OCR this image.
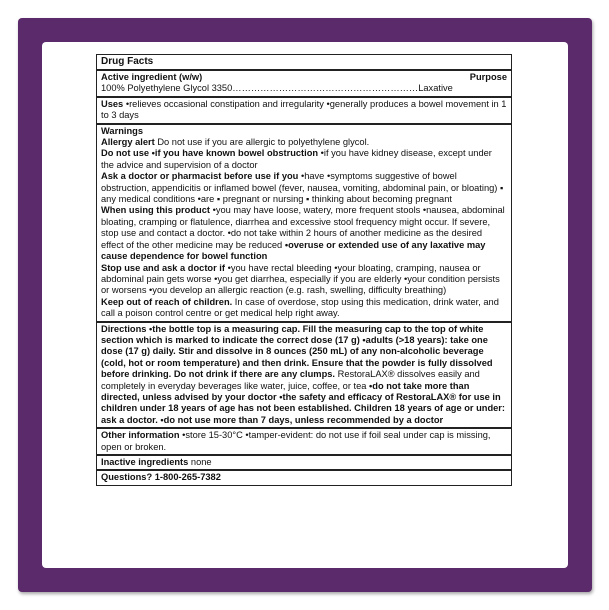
Drug Facts
Active ingredient (w/w)	Purpose
100% Polyethylene Glycol 3350……………………………………………………Laxative

Uses •relieves occasional constipation and irregularity •generally produces a bowel movement in 1 to 3 days

Warnings

Allergy alert Do not use if you are allergic to polyethylene glycol.

Do not use •if you have known bowel obstruction •if you have kidney disease, except under the advice and supervision of a doctor

Ask a doctor or pharmacist before use if you •have •symptoms suggestive of bowel obstruction, appendicitis or inflamed bowel (fever, nausea, vomiting, abdominal pain, or bloating) ▪ any medical conditions •are ▪ pregnant or nursing ▪ thinking about becoming pregnant

When using this product •you may have loose, watery, more frequent stools •nausea, abdominal bloating, cramping or flatulence, diarrhea and excessive stool frequency might occur. If severe, stop use and contact a doctor. •do not take within 2 hours of another medicine as the desired effect of the other medicine may be reduced •overuse or extended use of any laxative may cause dependence for bowel function

Stop use and ask a doctor if •you have rectal bleeding •your bloating, cramping, nausea or abdominal pain gets worse •you get diarrhea, especially if you are elderly •your condition persists or worsens •you develop an allergic reaction (e.g. rash, swelling, difficulty breathing)

Keep out of reach of children. In case of overdose, stop using this medication, drink water, and call a poison control centre or get medical help right away.

Directions •the bottle top is a measuring cap. Fill the measuring cap to the top of white section which is marked to indicate the correct dose (17 g) •adults (>18 years): take one dose (17 g) daily. Stir and dissolve in 8 ounces (250 mL) of any non-alcoholic beverage (cold, hot or room temperature) and then drink. Ensure that the powder is fully dissolved before drinking. Do not drink if there are any clumps. RestoraLAX® dissolves easily and completely in everyday beverages like water, juice, coffee, or tea •do not take more than directed, unless advised by your doctor •the safety and efficacy of RestoraLAX® for use in children under 18 years of age has not been established. Children 18 years of age or under: ask a doctor. •do not use more than 7 days, unless recommended by a doctor

Other information •store 15-30°C •tamper-evident: do not use if foil seal under cap is missing, open or broken.

Inactive ingredients none

Questions? 1-800-265-7382
